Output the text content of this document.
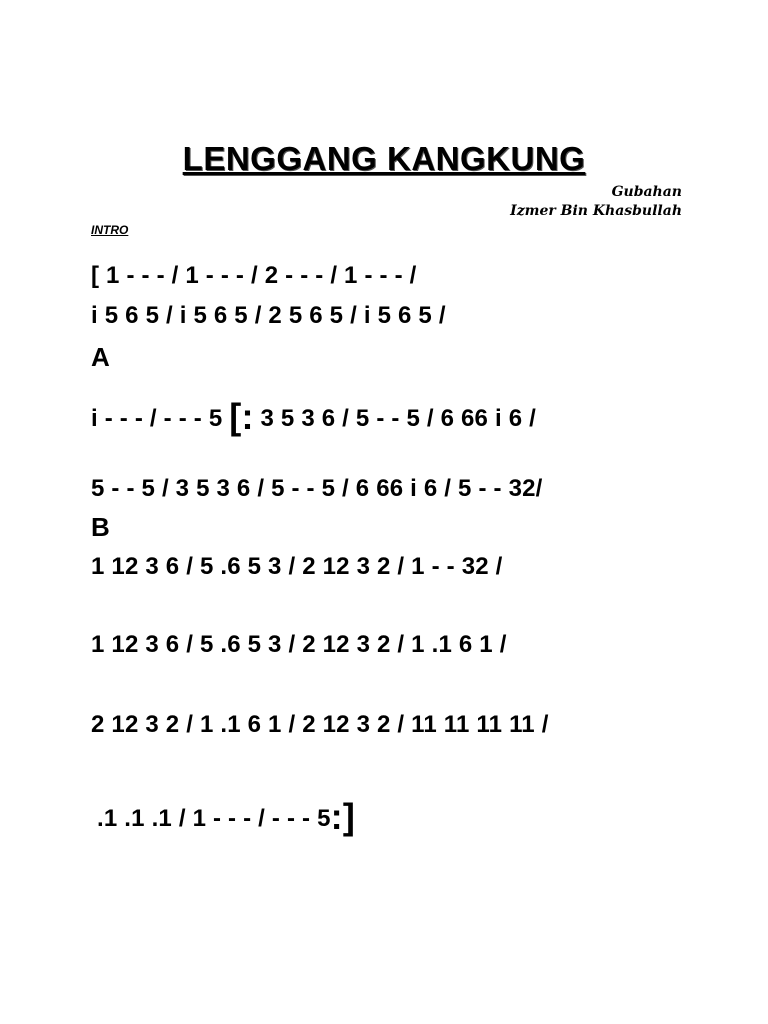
LENGGANG KANGKUNG
Gubahan
Izmer Bin Khasbullah
INTRO
[ 1 - - - / 1 - - - / 2 - - - / 1 - - - /
i 5 6 5 / i 5 6 5 / 2 5 6 5 / i 5 6 5 /
A
i - - - / - - - 5 [: 3 5 3 6 / 5 - - 5 / 6 66 i 6 /
5 - - 5 / 3 5 3 6 / 5 - - 5 / 6 66 i 6 / 5 - - 32/
B
1 12 3 6 / 5 .6 5 3 / 2 12 3 2 / 1 - - 32 /
1 12 3 6 / 5 .6 5 3 / 2 12 3 2 / 1 .1 6 1 /
2 12 3 2 / 1 .1 6 1 / 2 12 3 2 / 11 11 11 11 /
.1 .1 .1 / 1 - - - / - - - 5:]
